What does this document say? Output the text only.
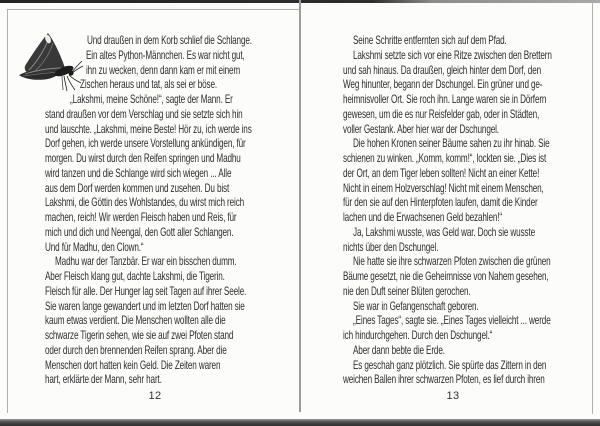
Und draußen in dem Korb schlief die Schlange.
Ein altes Python-Männchen. Es war nicht gut,
ihn zu wecken, denn dann kam er mit einem
Zischen heraus und tat, als sei er böse.
„Lakshmi, meine Schöne!“, sagte der Mann. Er
stand draußen vor dem Verschlag und sie setzte sich hin
und lauschte. „Lakshmi, meine Beste! Hör zu, ich werde ins
Dorf gehen, ich werde unsere Vorstellung ankündigen, für
morgen. Du wirst durch den Reifen springen und Madhu
wird tanzen und die Schlange wird sich wiegen ... Alle
aus dem Dorf werden kommen und zusehen. Du bist
Lakshmi, die Göttin des Wohlstandes, du wirst mich reich
machen, reich! Wir werden Fleisch haben und Reis, für
mich und dich und Neengal, den Gott aller Schlangen.
Und für Madhu, den Clown.“
Madhu war der Tanzbär. Er war ein bisschen dumm.
Aber Fleisch klang gut, dachte Lakshmi, die Tigerin.
Fleisch für alle. Der Hunger lag seit Tagen auf ihrer Seele.
Sie waren lange gewandert und im letzten Dorf hatten sie
kaum etwas verdient. Die Menschen wollten alle die
schwarze Tigerin sehen, wie sie auf zwei Pfoten stand
oder durch den brennenden Reifen sprang. Aber die
Menschen dort hatten kein Geld. Die Zeiten waren
hart, erklärte der Mann, sehr hart.
12
Seine Schritte entfernten sich auf dem Pfad.
Lakshmi setzte sich vor eine Ritze zwischen den Brettern
und sah hinaus. Da draußen, gleich hinter dem Dorf, den
Weg hinunter, begann der Dschungel. Ein grüner und ge-
heimnisvoller Ort. Sie roch ihn. Lange waren sie in Dörfern
gewesen, um die es nur Reisfelder gab, oder in Städten,
voller Gestank. Aber hier war der Dschungel.
Die hohen Kronen seiner Bäume sahen zu ihr hinab. Sie
schienen zu winken. „Komm, komm!“, lockten sie. „Dies ist
der Ort, an dem Tiger leben sollten! Nicht an einer Kette!
Nicht in einem Holzverschlag! Nicht mit einem Menschen,
für den sie auf den Hinterpfoten laufen, damit die Kinder
lachen und die Erwachsenen Geld bezahlen!“
Ja, Lakshmi wusste, was Geld war. Doch sie wusste
nichts über den Dschungel.
Nie hatte sie ihre schwarzen Pfoten zwischen die grünen
Bäume gesetzt, nie die Geheimnisse von Nahem gesehen,
nie den Duft seiner Blüten gerochen.
Sie war in Gefangenschaft geboren.
„Eines Tages“, sagte sie. „Eines Tages vielleicht ... werde
ich hindurchgehen. Durch den Dschungel.“
Aber dann bebte die Erde.
Es geschah ganz plötzlich. Sie spürte das Zittern in den
weichen Ballen ihrer schwarzen Pfoten, es lief durch ihren
13
